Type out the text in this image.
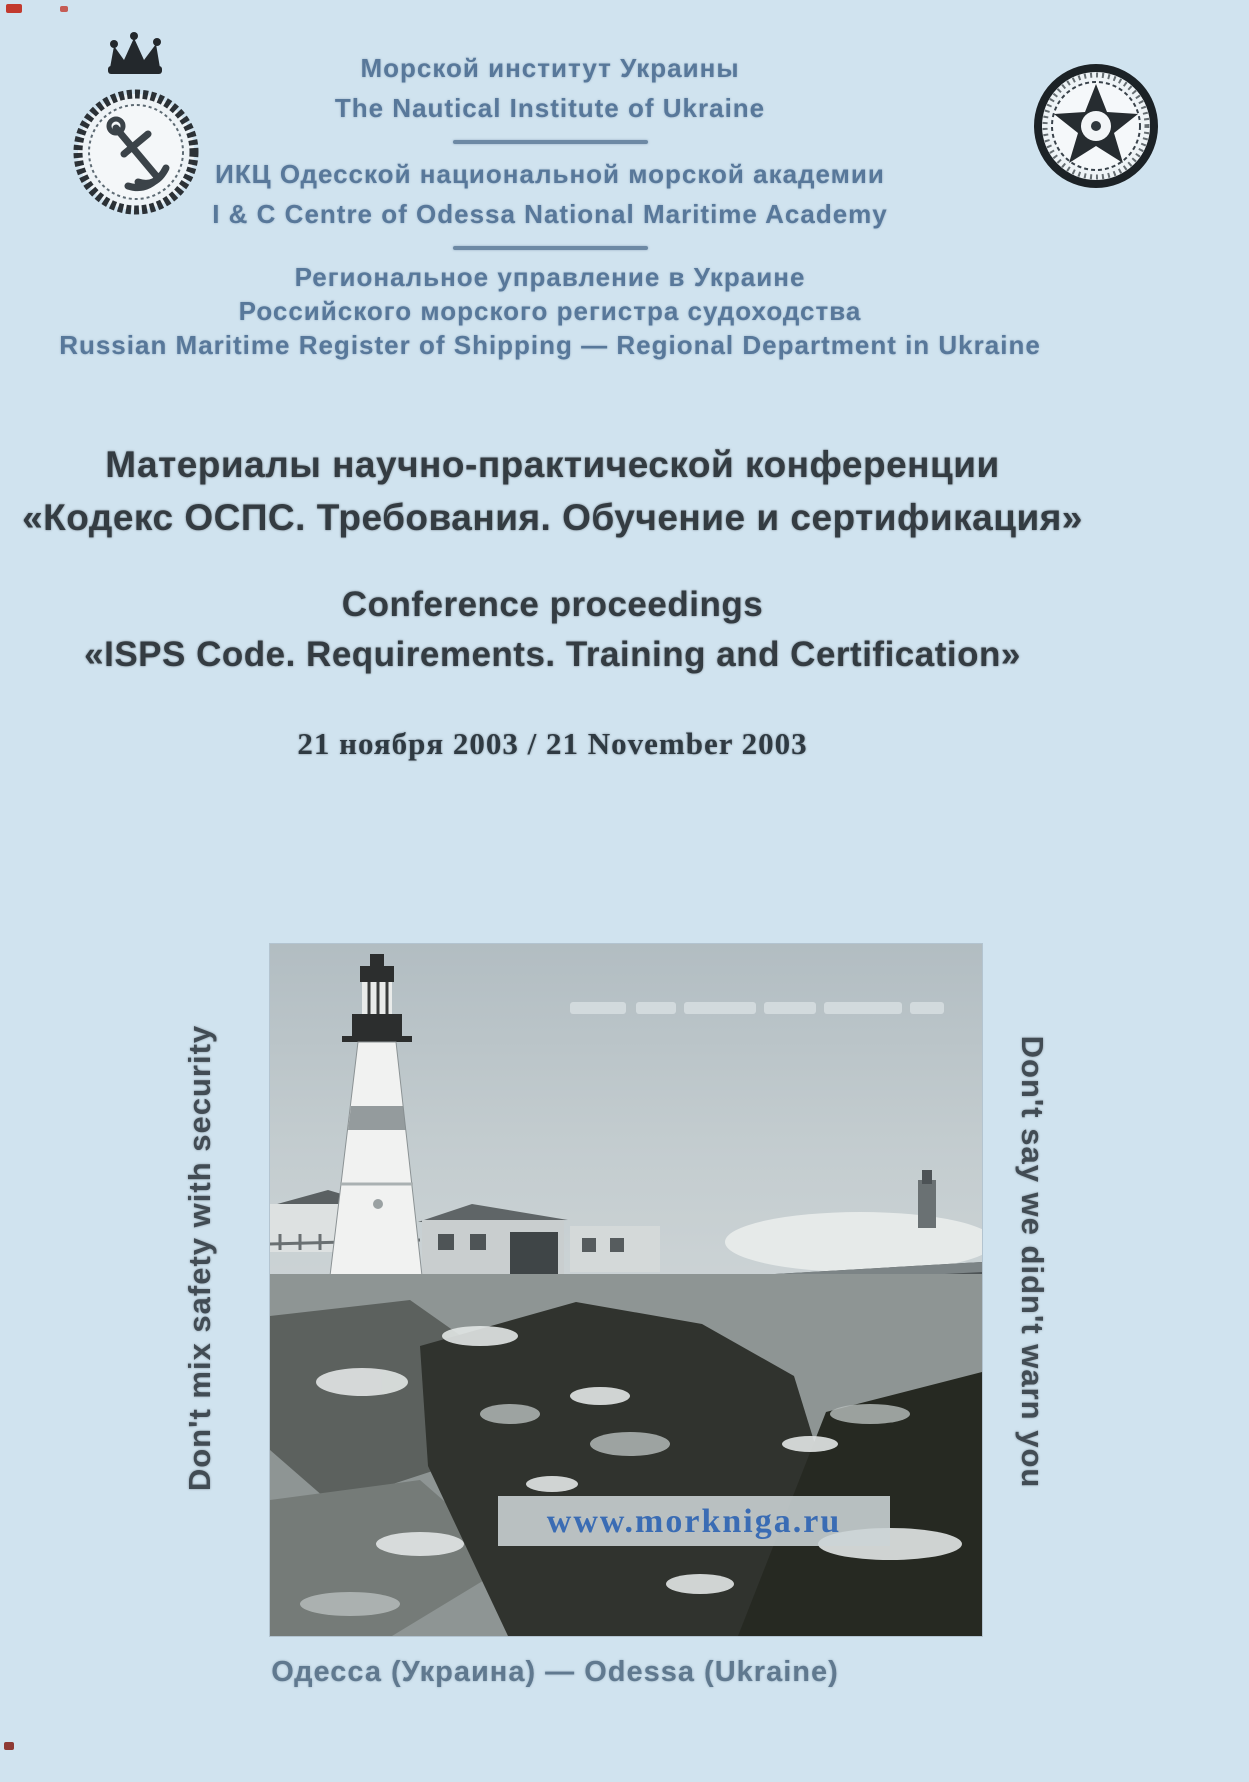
Морской институт Украины
The Nautical Institute of Ukraine
ИКЦ Одесской национальной морской академии
I & C Centre of Odessa National Maritime Academy
Региональное управление в Украине
Российского морского регистра судоходства
Russian Maritime Register of Shipping — Regional Department in Ukraine
Материалы научно-практической конференции
«Кодекс ОСПС. Требования. Обучение и сертификация»
Conference proceedings
«ISPS Code. Requirements. Training and Certification»
21 ноября 2003 / 21 November 2003
Don't mix safety with security	Don't say we didn't warn you
www.morkniga.ru
Одесса (Украина) — Odessa (Ukraine)
